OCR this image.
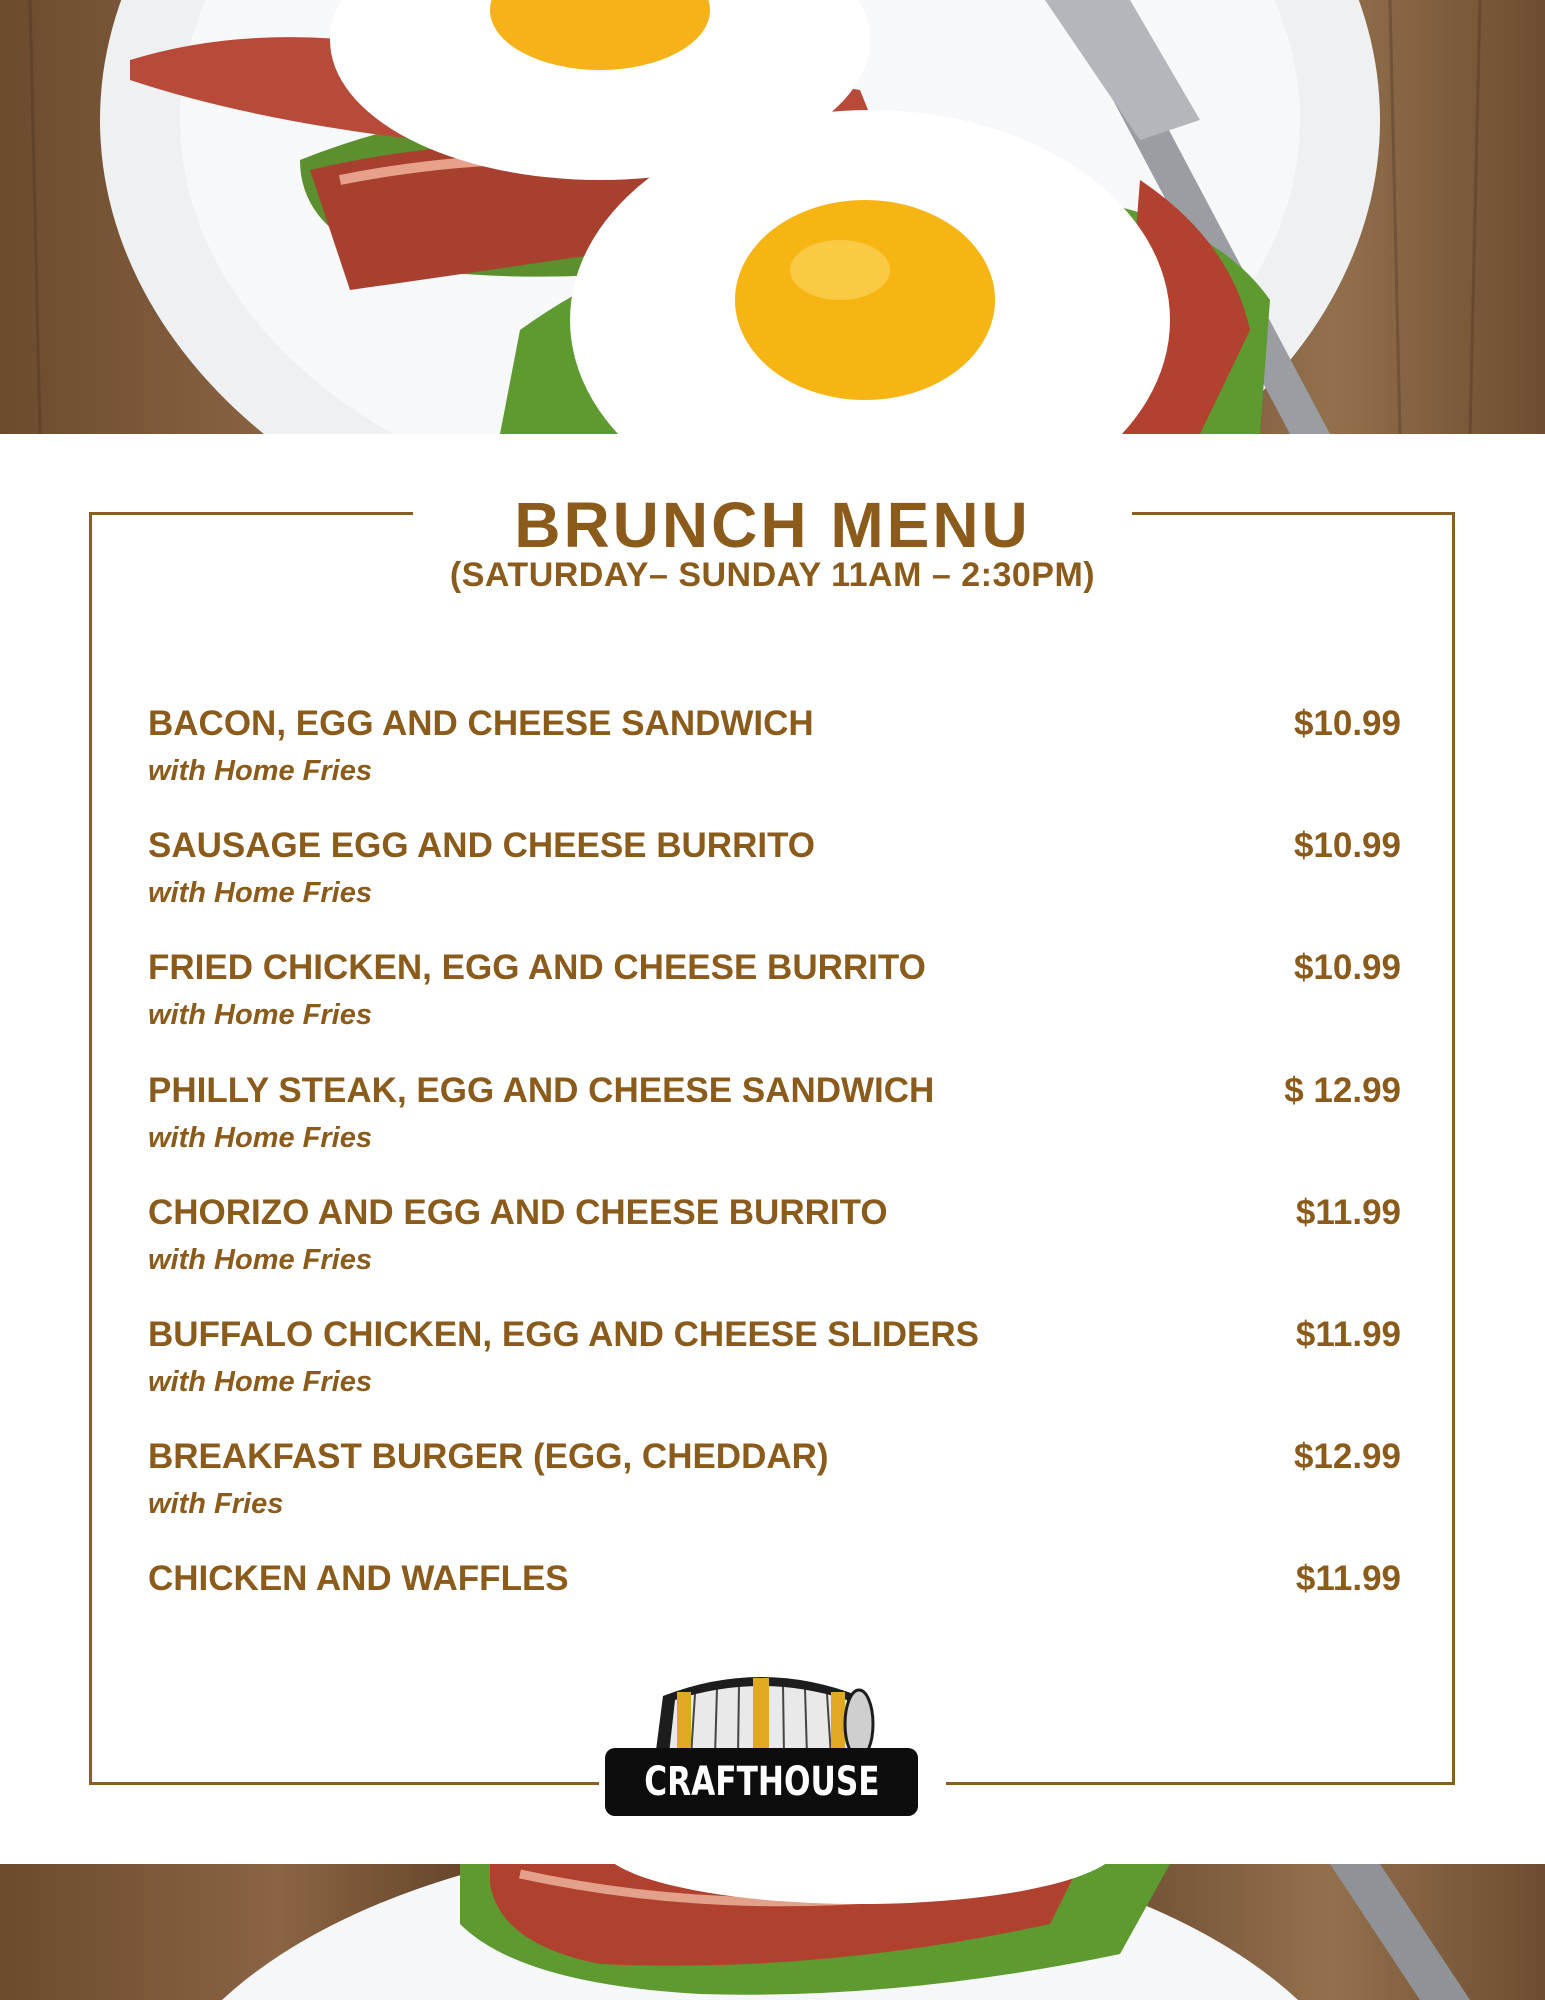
BRUNCH MENU
(SATURDAY– SUNDAY 11AM – 2:30PM)
BACON, EGG AND CHEESE SANDWICH	$10.99
with Home Fries
SAUSAGE EGG AND CHEESE BURRITO	$10.99
with Home Fries
FRIED CHICKEN, EGG AND CHEESE BURRITO	$10.99
with Home Fries
PHILLY STEAK, EGG AND CHEESE SANDWICH	$ 12.99
with Home Fries
CHORIZO AND EGG AND CHEESE BURRITO	$11.99
with Home Fries
BUFFALO CHICKEN, EGG AND CHEESE SLIDERS	$11.99
with Home Fries
BREAKFAST BURGER (EGG, CHEDDAR)	$12.99
with Fries
CHICKEN AND WAFFLES	$11.99
CRAFTHOUSE
